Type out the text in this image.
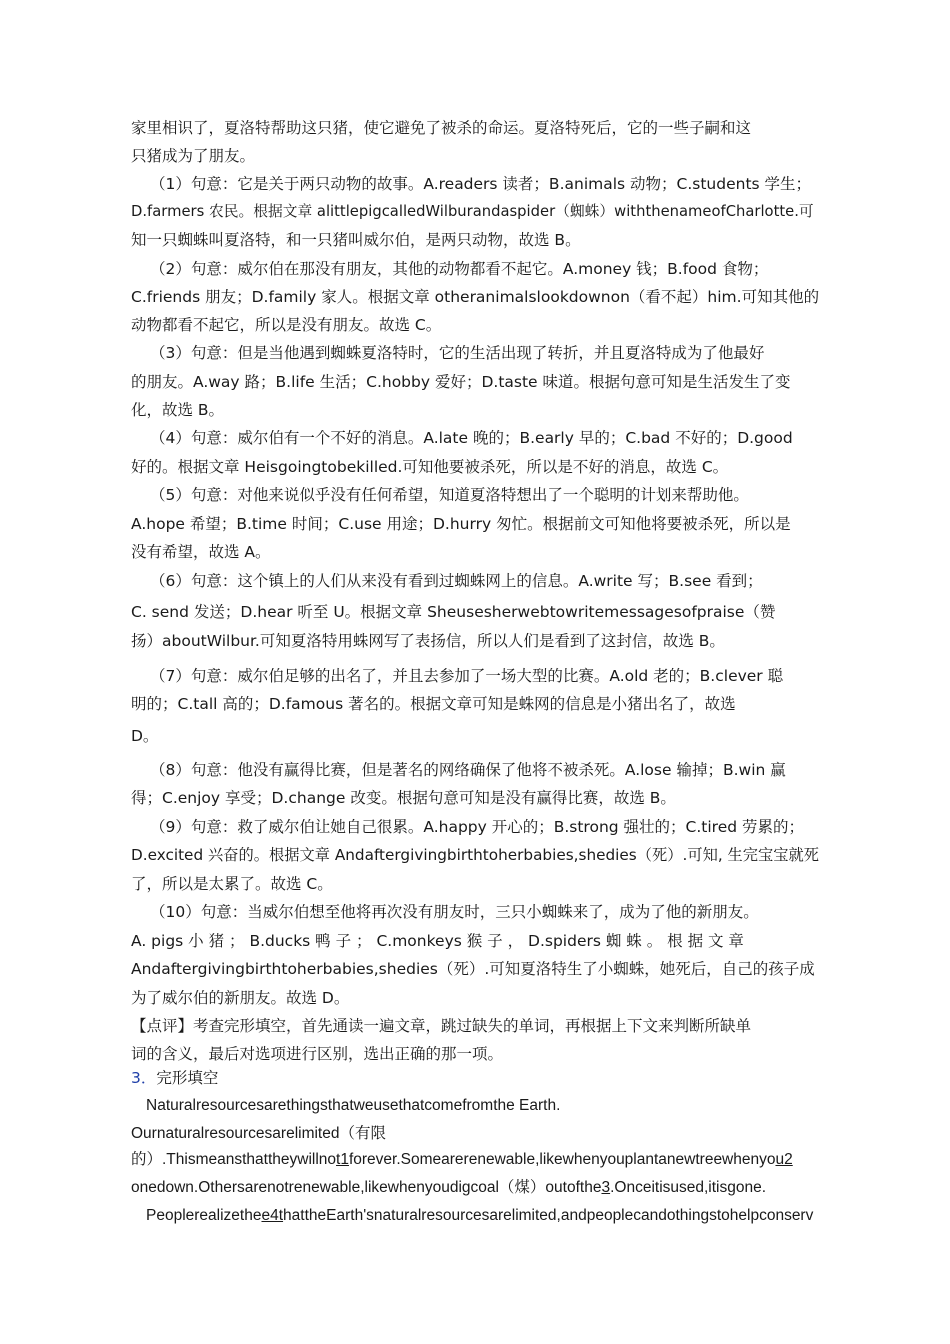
家里相识了，夏洛特帮助这只猪，使它避免了被杀的命运。夏洛特死后，它的一些子嗣和这
只猪成为了朋友。
（1）句意：它是关于两只动物的故事。A.readers 读者；B.animals 动物；C.students 学生；
D.farmers 农民。根据文章 alittlepigcalledWilburandaspider（蜘蛛）withthenameofCharlotte.可
知一只蜘蛛叫夏洛特，和一只猪叫威尔伯，是两只动物，故选 B。
（2）句意：威尔伯在那没有朋友，其他的动物都看不起它。A.money 钱；B.food 食物；
C.friends 朋友；D.family 家人。根据文章 otheranimalslookdownon（看不起）him.可知其他的
动物都看不起它，所以是没有朋友。故选 C。
（3）句意：但是当他遇到蜘蛛夏洛特时，它的生活出现了转折，并且夏洛特成为了他最好
的朋友。A.way 路；B.life 生活；C.hobby 爱好；D.taste 味道。根据句意可知是生活发生了变
化，故选 B。
（4）句意：威尔伯有一个不好的消息。A.late 晚的；B.early 早的；C.bad 不好的；D.good
好的。根据文章 Heisgoingtobekilled.可知他要被杀死，所以是不好的消息，故选 C。
（5）句意：对他来说似乎没有任何希望，知道夏洛特想出了一个聪明的计划来帮助他。
A.hope 希望；B.time 时间；C.use 用途；D.hurry 匆忙。根据前文可知他将要被杀死，所以是
没有希望，故选 A。
（6）句意：这个镇上的人们从来没有看到过蜘蛛网上的信息。A.write 写；B.see 看到；
C. send 发送；D.hear 听至 U。根据文章 Sheusesherwebtowritemessagesofpraise（赞
扬）aboutWilbur.可知夏洛特用蛛网写了表扬信，所以人们是看到了这封信，故选 B。
（7）句意：威尔伯足够的出名了，并且去参加了一场大型的比赛。A.old 老的；B.clever 聪
明的；C.tall 高的；D.famous 著名的。根据文章可知是蛛网的信息是小猪出名了，故选
D。
（8）句意：他没有赢得比赛，但是著名的网络确保了他将不被杀死。A.lose 输掉；B.win 赢
得；C.enjoy 享受；D.change 改变。根据句意可知是没有赢得比赛，故选 B。
（9）句意：救了威尔伯让她自己很累。A.happy 开心的；B.strong 强壮的；C.tired 劳累的；
D.excited 兴奋的。根据文章 Andaftergivingbirthtoherbabies,shedies（死）.可知, 生完宝宝就死
了，所以是太累了。故选 C。
（10）句意：当威尔伯想至他将再次没有朋友时，三只小蜘蛛来了，成为了他的新朋友。
A. pigs 小 猪 ； B.ducks 鸭 子 ； C.monkeys 猴 子 ， D.spiders 蜘 蛛 。 根 据 文 章
Andaftergivingbirthtoherbabies,shedies（死）.可知夏洛特生了小蜘蛛，她死后，自己的孩子成
为了威尔伯的新朋友。故选 D。
【点评】考查完形填空，首先通读一遍文章，跳过缺失的单词，再根据上下文来判断所缺单
词的含义，最后对选项进行区别，选出正确的那一项。
3．完形填空
Naturalresourcesarethingsthatweusethatcomefromthe Earth.
Ournaturalresourcesarelimited（有限
的）.Thismeansthattheywillnot1forever.Somearerenewable,likewhenyouplantanewtreewhenyou2
onedown.Othersarenotrenewable,likewhenyoudigcoal（煤）outofthe3.Onceitisused,itisgone.
Peoplerealizethee4thattheEarth'snaturalresourcesarelimited,andpeoplecandothingstohelpconserv
